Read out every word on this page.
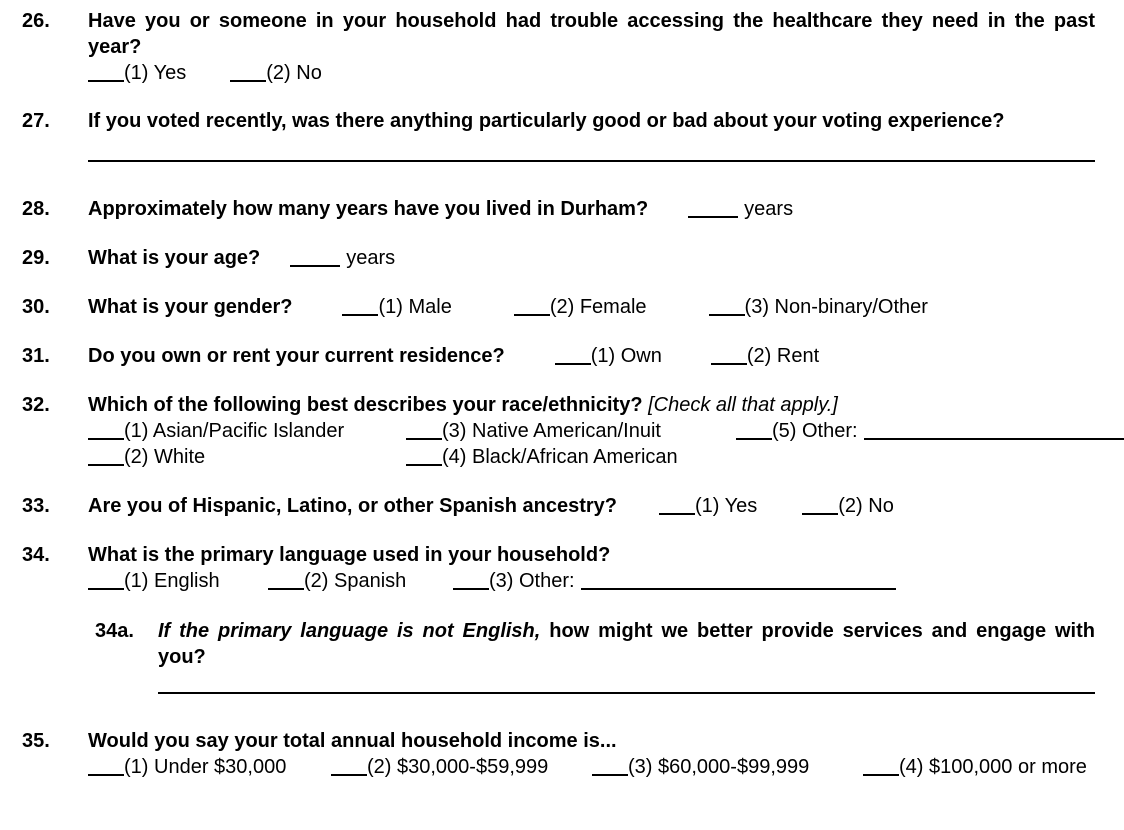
26.	Have you or someone in your household had trouble accessing the healthcare they need in the past year?
(1) Yes	(2) No
27.	If you voted recently, was there anything particularly good or bad about your voting experience?
28.	Approximately how many years have you lived in Durham?	years
29.	What is your age?	years
30.	What is your gender?	(1) Male	(2) Female	(3) Non-binary/Other
31.	Do you own or rent your current residence?	(1) Own	(2) Rent
32.	Which of the following best describes your race/ethnicity? [Check all that apply.]
(1) Asian/Pacific Islander	(3) Native American/Inuit	(5) Other:
(2) White	(4) Black/African American
33.	Are you of Hispanic, Latino, or other Spanish ancestry?	(1) Yes	(2) No
34.	What is the primary language used in your household?
(1) English	(2) Spanish	(3) Other:
34a.	If the primary language is not English, how might we better provide services and engage with you?
35.	Would you say your total annual household income is...
(1) Under $30,000	(2) $30,000-$59,999	(3) $60,000-$99,999	(4) $100,000 or more
